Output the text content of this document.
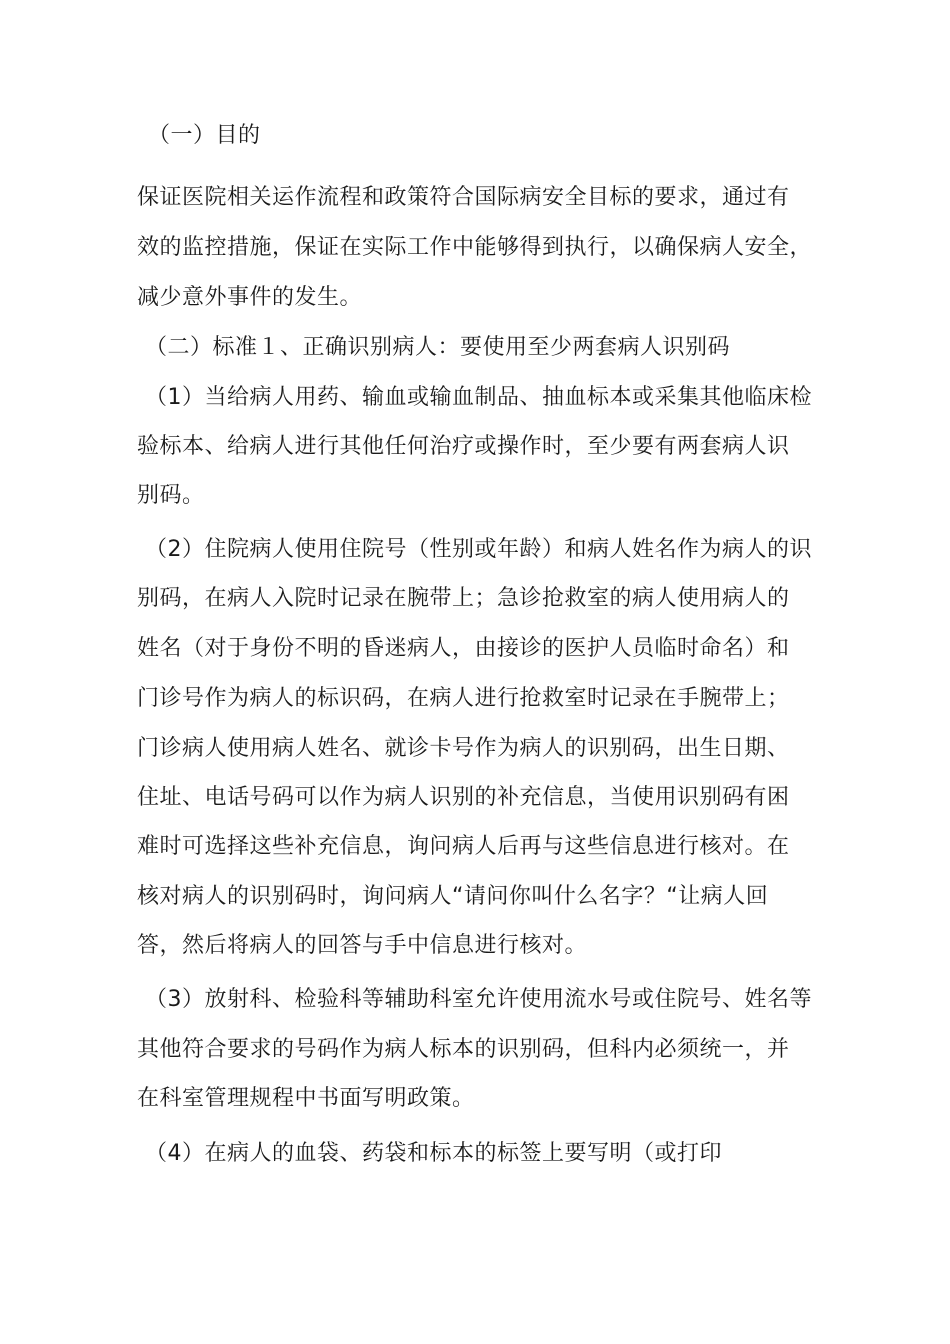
（一）目的
保证医院相关运作流程和政策符合国际病安全目标的要求，通过有
效的监控措施，保证在实际工作中能够得到执行，以确保病人安全，
减少意外事件的发生。
（二）标准１、正确识别病人：要使用至少两套病人识别码
（1）当给病人用药、输血或输血制品、抽血标本或采集其他临床检
验标本、给病人进行其他任何治疗或操作时，至少要有两套病人识
别码。
（2）住院病人使用住院号（性别或年龄）和病人姓名作为病人的识
别码，在病人入院时记录在腕带上；急诊抢救室的病人使用病人的
姓名（对于身份不明的昏迷病人，由接诊的医护人员临时命名）和
门诊号作为病人的标识码，在病人进行抢救室时记录在手腕带上；
门诊病人使用病人姓名、就诊卡号作为病人的识别码，出生日期、
住址、电话号码可以作为病人识别的补充信息，当使用识别码有困
难时可选择这些补充信息，询问病人后再与这些信息进行核对。在
核对病人的识别码时，询问病人“请问你叫什么名字？“让病人回
答，然后将病人的回答与手中信息进行核对。
（3）放射科、检验科等辅助科室允许使用流水号或住院号、姓名等
其他符合要求的号码作为病人标本的识别码，但科内必须统一，并
在科室管理规程中书面写明政策。
（4）在病人的血袋、药袋和标本的标签上要写明（或打印
